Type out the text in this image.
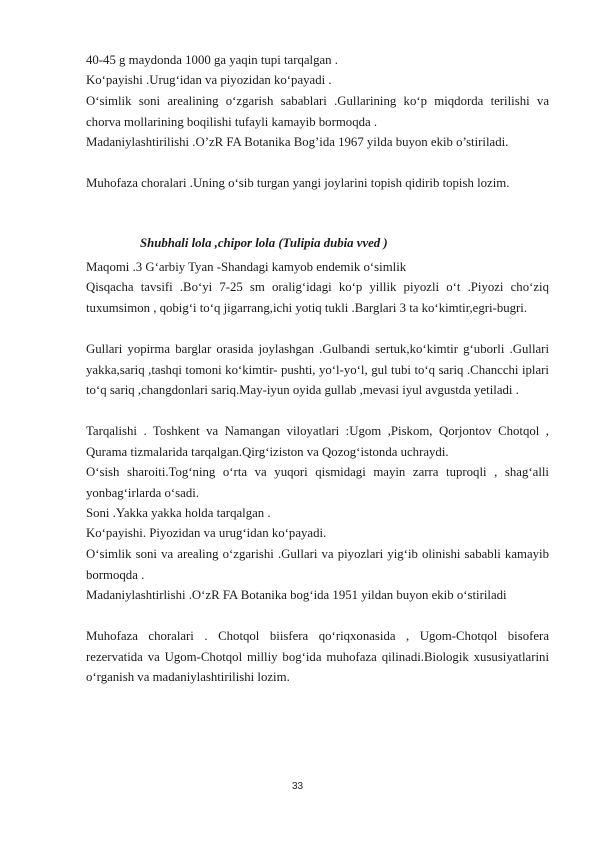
40-45 g maydonda 1000 ga yaqin tupi tarqalgan .
Ko‘payishi .Urug‘idan va piyozidan ko‘payadi .
O‘simlik soni arealining o‘zgarish sabablari .Gullarining ko‘p miqdorda terilishi va chorva mollarining boqilishi tufayli kamayib bormoqda .
Madaniylashtirilishi .O’zR FA Botanika Bog’ida 1967 yilda buyon ekib o’stiriladi.
Muhofaza choralari .Uning o‘sib turgan yangi joylarini topish qidirib topish lozim.
Shubhali lola ,chipor lola (Tulipia dubia vved )
Maqomi .3 G‘arbiy Tyan -Shandagi kamyob endemik o‘simlik
Qisqacha tavsifi .Bo‘yi 7-25 sm oralig‘idagi ko‘p yillik piyozli o‘t .Piyozi cho‘ziq tuxumsimon , qobig‘i to‘q jigarrang,ichi yotiq tukli .Barglari 3 ta ko‘kimtir,egri-bugri.
Gullari yopirma barglar orasida joylashgan .Gulbandi sertuk,ko‘kimtir g‘uborli .Gullari yakka,sariq ,tashqi tomoni ko‘kimtir- pushti, yo‘l-yo‘l, gul tubi to‘q sariq .Chancchi iplari to‘q sariq ,changdonlari sariq.May-iyun oyida gullab ,mevasi iyul avgustda yetiladi .
Tarqalishi . Toshkent va Namangan viloyatlari :Ugom ,Piskom, Qorjontov Chotqol , Qurama tizmalarida tarqalgan.Qirg‘iziston va Qozog‘istonda uchraydi.
O‘sish sharoiti.Tog‘ning o‘rta va yuqori qismidagi mayin zarra tuproqli , shag‘alli yonbag‘irlarda o‘sadi.
Soni .Yakka yakka holda tarqalgan .
Ko‘payishi. Piyozidan va urug‘idan ko‘payadi.
O‘simlik soni va arealing o‘zgarishi .Gullari va piyozlari yig‘ib olinishi sababli kamayib bormoqda .
Madaniylashtirlishi .O‘zR FA Botanika bog‘ida 1951 yildan buyon ekib o‘stiriladi
Muhofaza choralari . Chotqol biisfera qo‘riqxonasida , Ugom-Chotqol bisofera rezervatida va Ugom-Chotqol milliy bog‘ida muhofaza qilinadi.Biologik xususiyatlarini o‘rganish va madaniylashtirilishi lozim.
33
